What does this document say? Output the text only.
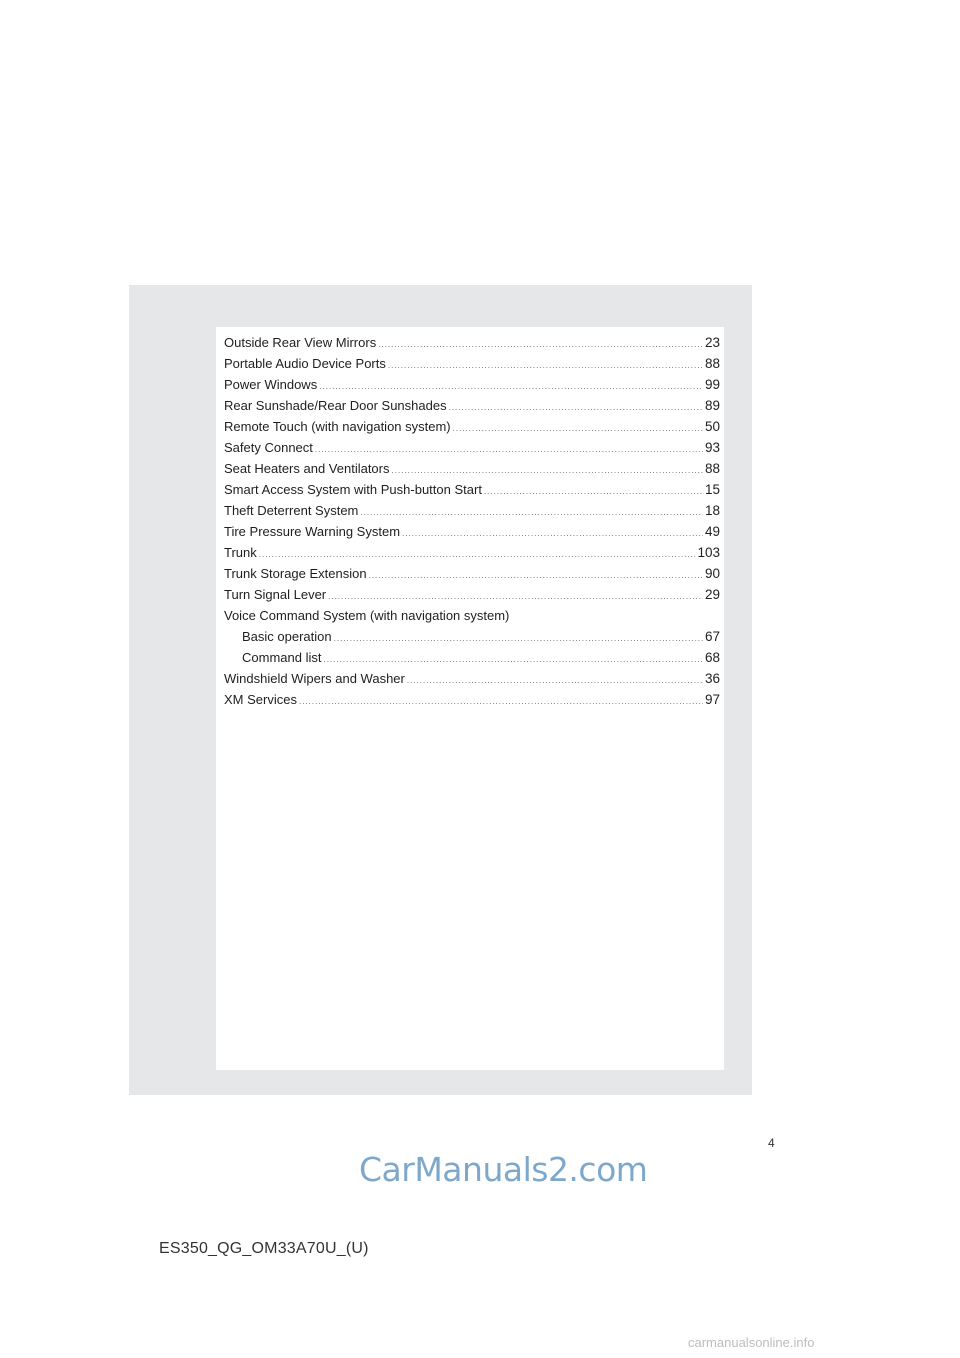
Outside Rear View Mirrors .....	23
Portable Audio Device Ports .....	88
Power Windows .....	99
Rear Sunshade/Rear Door Sunshades .....	89
Remote Touch (with navigation system) .....	50
Safety Connect .....	93
Seat Heaters and Ventilators .....	88
Smart Access System with Push-button Start .....	15
Theft Deterrent System .....	18
Tire Pressure Warning System .....	49
Trunk .....	103
Trunk Storage Extension .....	90
Turn Signal Lever .....	29
Voice Command System (with navigation system)
Basic operation .....	67
Command list .....	68
Windshield Wipers and Washer .....	36
XM Services .....	97
4
CarManuals2.com
ES350_QG_OM33A70U_(U)
carmanualsonline.info
